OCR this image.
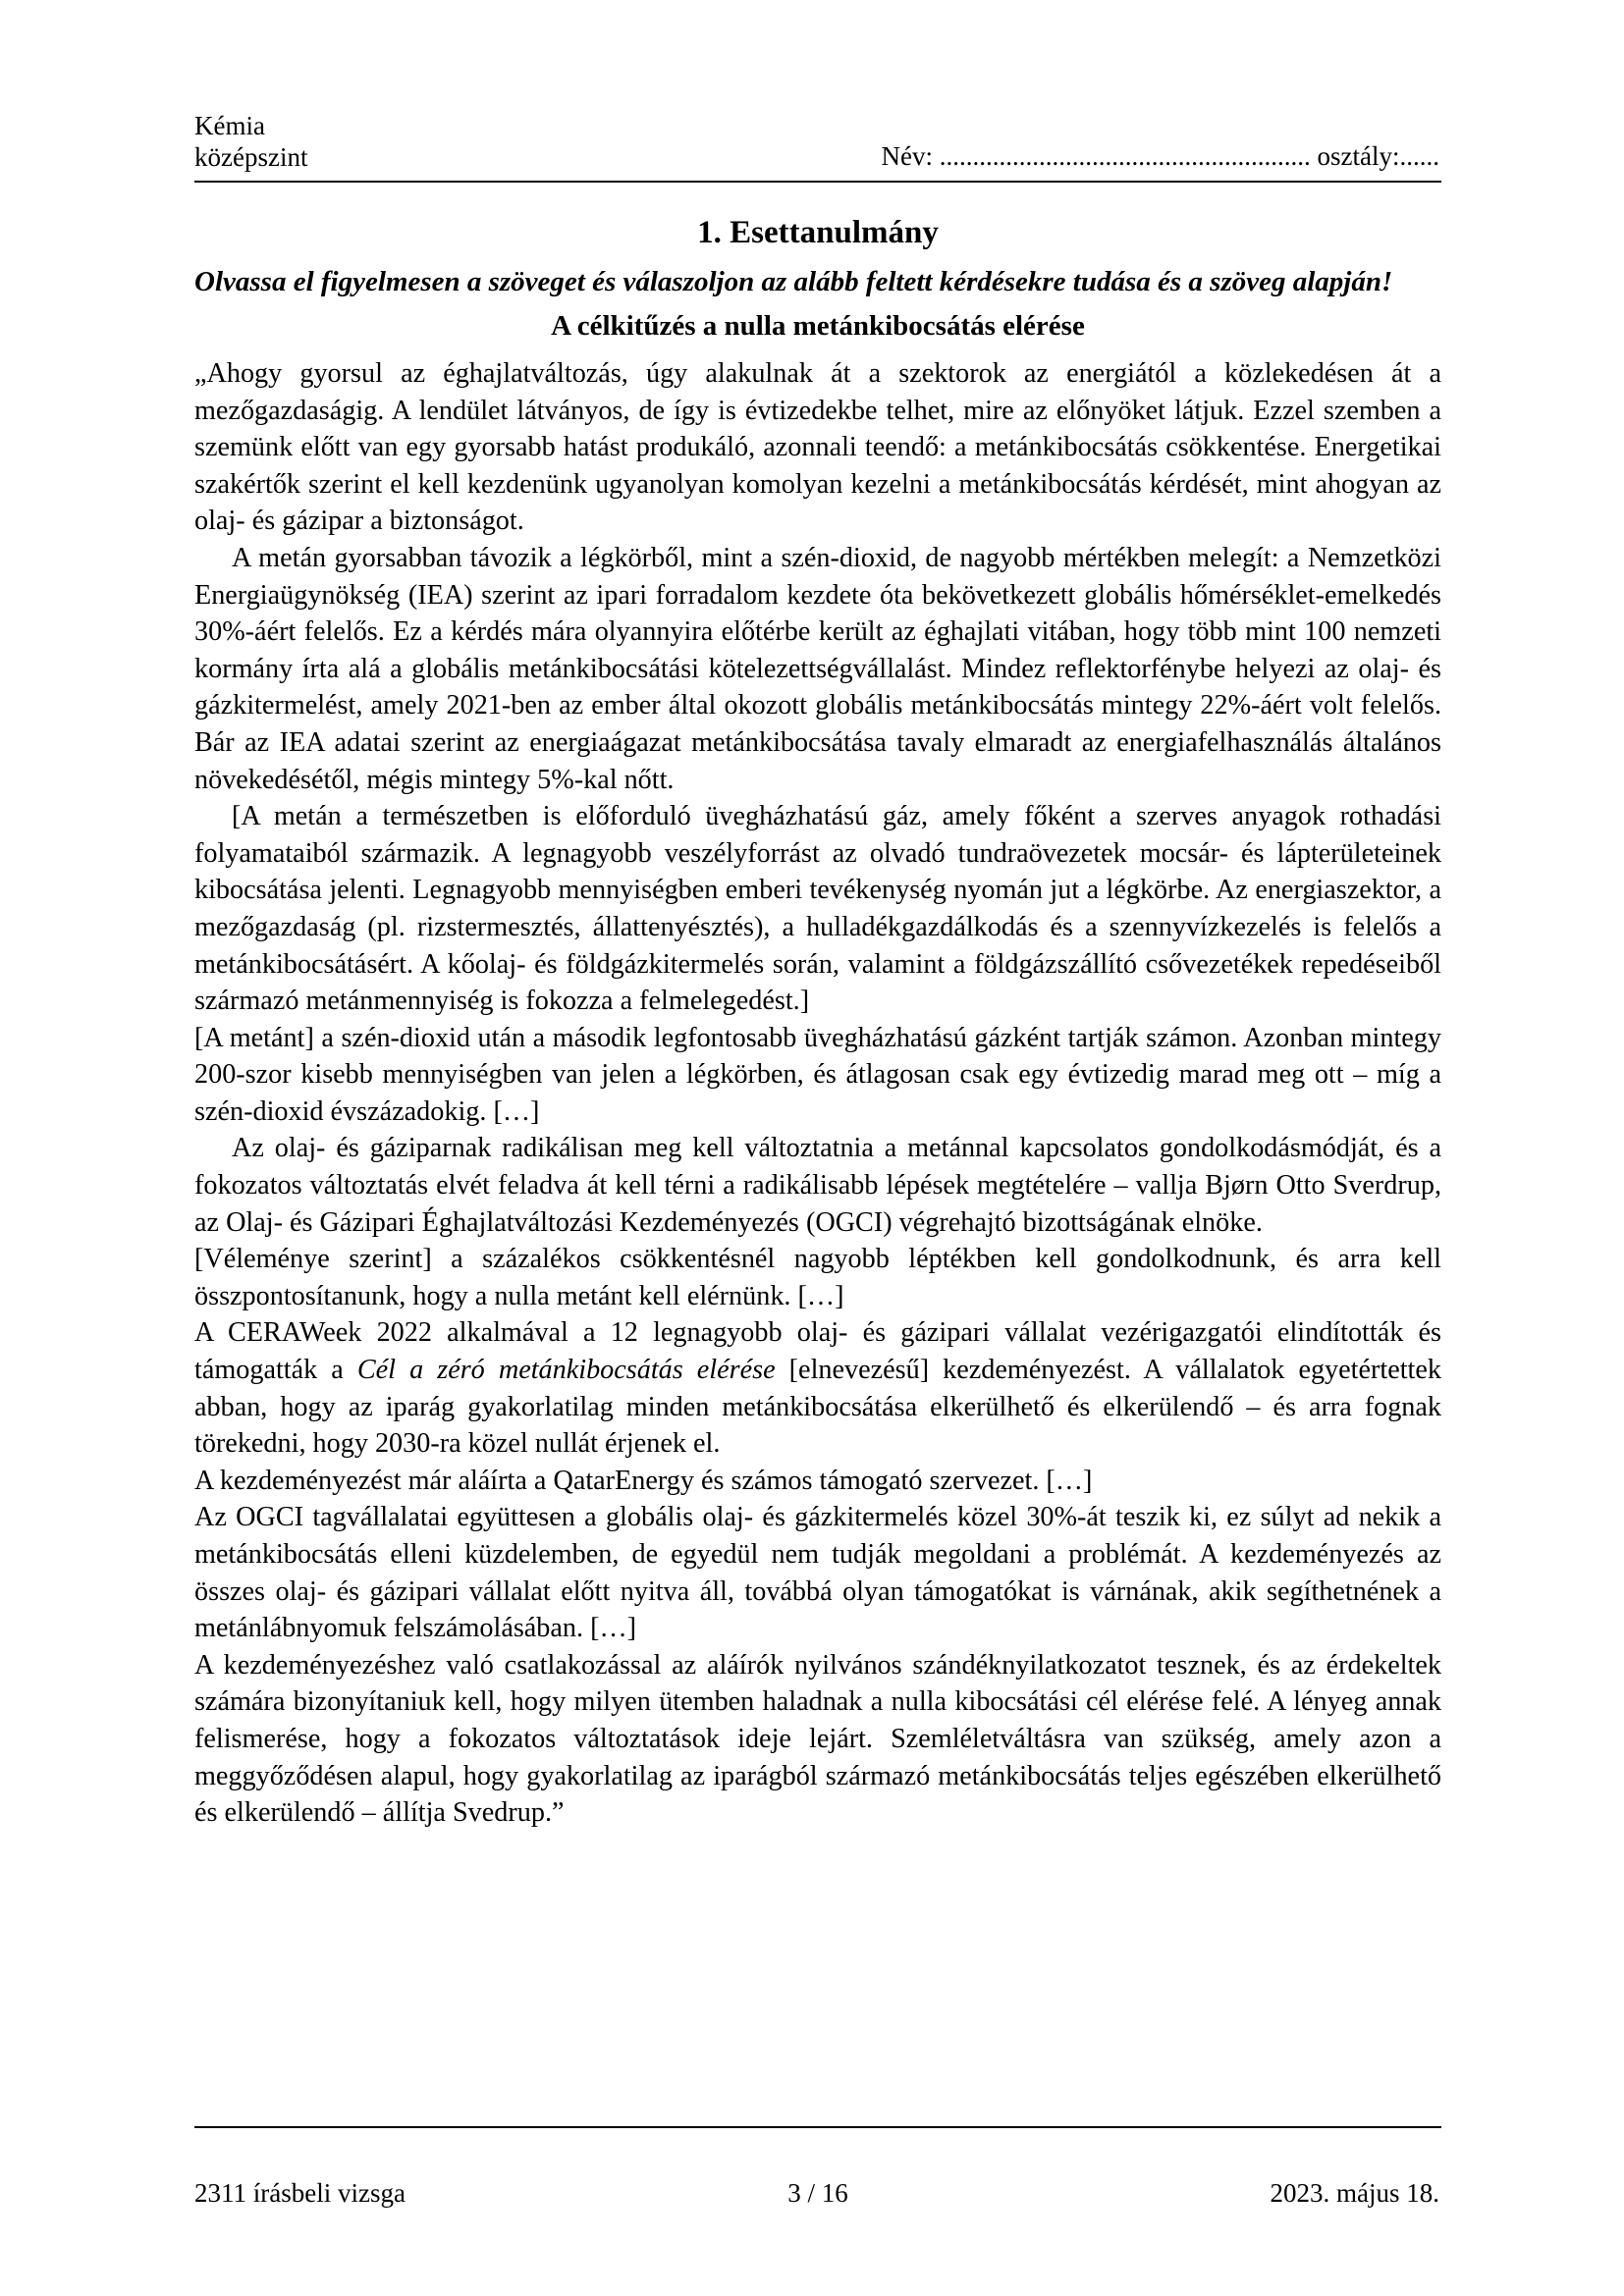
Kémia
középszint	Név: ........................................................ osztály:......
1. Esettanulmány

Olvassa el figyelmesen a szöveget és válaszoljon az alább feltett kérdésekre tudása és a szöveg alapján!

A célkitűzés a nulla metánkibocsátás elérése

„Ahogy gyorsul az éghajlatváltozás, úgy alakulnak át a szektorok az energiától a közlekedésen át a mezőgazdaságig. A lendület látványos, de így is évtizedekbe telhet, mire az előnyöket látjuk. Ezzel szemben a szemünk előtt van egy gyorsabb hatást produkáló, azonnali teendő: a metánkibocsátás csökkentése. Energetikai szakértők szerint el kell kezdenünk ugyanolyan komolyan kezelni a metánkibocsátás kérdését, mint ahogyan az olaj- és gázipar a biztonságot.

A metán gyorsabban távozik a légkörből, mint a szén-dioxid, de nagyobb mértékben melegít: a Nemzetközi Energiaügynökség (IEA) szerint az ipari forradalom kezdete óta bekövetkezett globális hőmérséklet-emelkedés 30%-áért felelős. Ez a kérdés mára olyannyira előtérbe került az éghajlati vitában, hogy több mint 100 nemzeti kormány írta alá a globális metánkibocsátási kötelezettségvállalást. Mindez reflektorfénybe helyezi az olaj- és gázkitermelést, amely 2021-ben az ember által okozott globális metánkibocsátás mintegy 22%-áért volt felelős. Bár az IEA adatai szerint az energiaágazat metánkibocsátása tavaly elmaradt az energiafelhasználás általános növekedésétől, mégis mintegy 5%-kal nőtt.

[A metán a természetben is előforduló üvegházhatású gáz, amely főként a szerves anyagok rothadási folyamataiból származik. A legnagyobb veszélyforrást az olvadó tundraövezetek mocsár- és lápterületeinek kibocsátása jelenti. Legnagyobb mennyiségben emberi tevékenység nyomán jut a légkörbe. Az energiaszektor, a mezőgazdaság (pl. rizstermesztés, állattenyésztés), a hulladékgazdálkodás és a szennyvízkezelés is felelős a metánkibocsátásért. A kőolaj- és földgázkitermelés során, valamint a földgázszállító csővezetékek repedéseiből származó metánmennyiség is fokozza a felmelegedést.]

[A metánt] a szén-dioxid után a második legfontosabb üvegházhatású gázként tartják számon. Azonban mintegy 200-szor kisebb mennyiségben van jelen a légkörben, és átlagosan csak egy évtizedig marad meg ott – míg a szén-dioxid évszázadokig. […]

Az olaj- és gáziparnak radikálisan meg kell változtatnia a metánnal kapcsolatos gondolkodásmódját, és a fokozatos változtatás elvét feladva át kell térni a radikálisabb lépések megtételére – vallja Bjørn Otto Sverdrup, az Olaj- és Gázipari Éghajlatváltozási Kezdeményezés (OGCI) végrehajtó bizottságának elnöke.

[Véleménye szerint] a százalékos csökkentésnél nagyobb léptékben kell gondolkodnunk, és arra kell összpontosítanunk, hogy a nulla metánt kell elérnünk. […]

A CERAWeek 2022 alkalmával a 12 legnagyobb olaj- és gázipari vállalat vezérigazgatói elindították és támogatták a Cél a zéró metánkibocsátás elérése [elnevezésű] kezdeményezést. A vállalatok egyetértettek abban, hogy az iparág gyakorlatilag minden metánkibocsátása elkerülhető és elkerülendő – és arra fognak törekedni, hogy 2030-ra közel nullát érjenek el.

A kezdeményezést már aláírta a QatarEnergy és számos támogató szervezet. […]

Az OGCI tagvállalatai együttesen a globális olaj- és gázkitermelés közel 30%-át teszik ki, ez súlyt ad nekik a metánkibocsátás elleni küzdelemben, de egyedül nem tudják megoldani a problémát. A kezdeményezés az összes olaj- és gázipari vállalat előtt nyitva áll, továbbá olyan támogatókat is várnának, akik segíthetnének a metánlábnyomuk felszámolásában. […]

A kezdeményezéshez való csatlakozással az aláírók nyilvános szándéknyilatkozatot tesznek, és az érdekeltek számára bizonyítaniuk kell, hogy milyen ütemben haladnak a nulla kibocsátási cél elérése felé. A lényeg annak felismerése, hogy a fokozatos változtatások ideje lejárt. Szemléletváltásra van szükség, amely azon a meggyőződésen alapul, hogy gyakorlatilag az iparágból származó metánkibocsátás teljes egészében elkerülhető és elkerülendő – állítja Svedrup.”

2311 írásbeli vizsga	3 / 16	2023. május 18.
